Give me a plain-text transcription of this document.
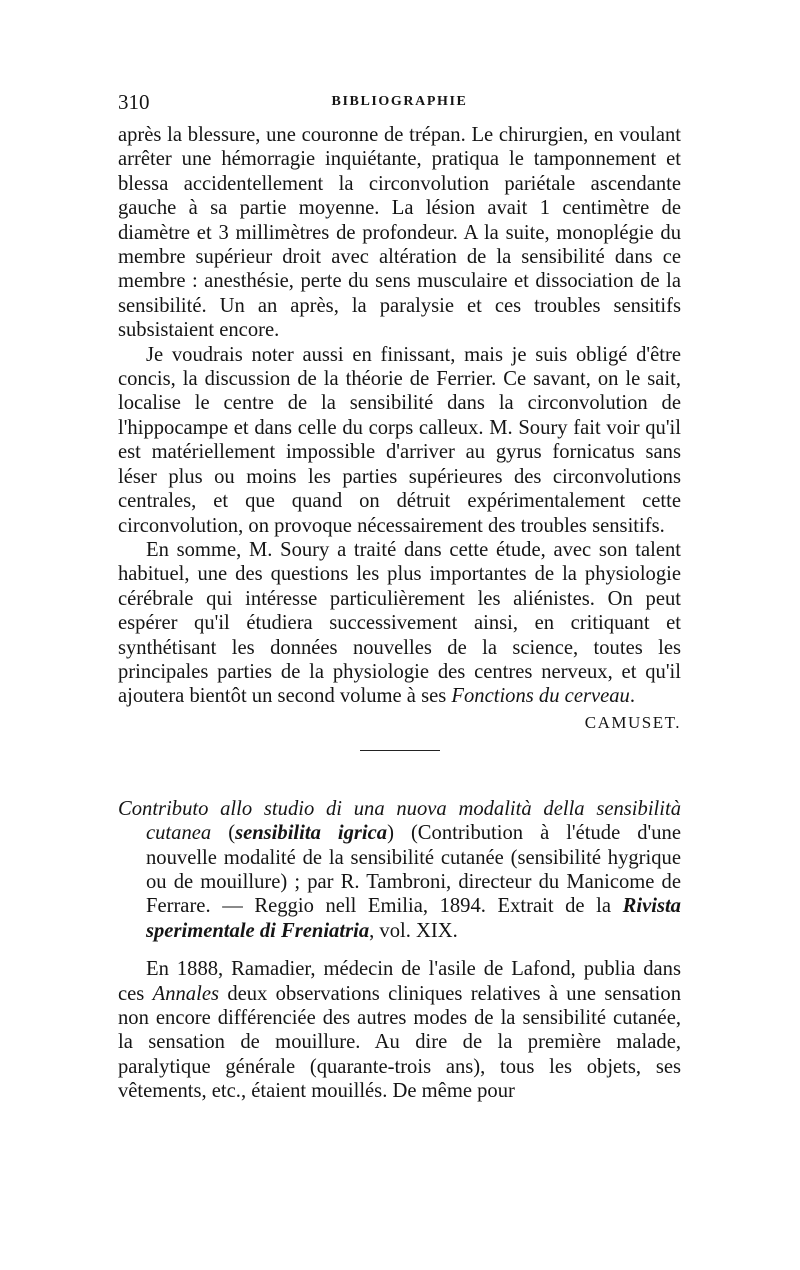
310	BIBLIOGRAPHIE

après la blessure, une couronne de trépan. Le chirurgien, en voulant arrêter une hémorragie inquiétante, pratiqua le tamponnement et blessa accidentellement la circonvolution pariétale ascendante gauche à sa partie moyenne. La lésion avait 1 centimètre de diamètre et 3 millimètres de profondeur. A la suite, monoplégie du membre supérieur droit avec altération de la sensibilité dans ce membre : anesthésie, perte du sens musculaire et dissociation de la sensibilité. Un an après, la paralysie et ces troubles sensitifs subsistaient encore.

Je voudrais noter aussi en finissant, mais je suis obligé d'être concis, la discussion de la théorie de Ferrier. Ce savant, on le sait, localise le centre de la sensibilité dans la circonvolution de l'hippocampe et dans celle du corps calleux. M. Soury fait voir qu'il est matériellement impossible d'arriver au gyrus fornicatus sans léser plus ou moins les parties supérieures des circonvolutions centrales, et que quand on détruit expérimentalement cette circonvolution, on provoque nécessairement des troubles sensitifs.

En somme, M. Soury a traité dans cette étude, avec son talent habituel, une des questions les plus importantes de la physiologie cérébrale qui intéresse particulièrement les aliénistes. On peut espérer qu'il étudiera successivement ainsi, en critiquant et synthétisant les données nouvelles de la science, toutes les principales parties de la physiologie des centres nerveux, et qu'il ajoutera bientôt un second volume à ses Fonctions du cerveau.

CAMUSET.

Contributo allo studio di una nuova modalità della sensibilità cutanea (sensibilita igrica) (Contribution à l'étude d'une nouvelle modalité de la sensibilité cutanée (sensibilité hygrique ou de mouillure) ; par R. Tambroni, directeur du Manicome de Ferrare. — Reggio nell Emilia, 1894. Extrait de la Rivista sperimentale di Freniatria, vol. XIX.

En 1888, Ramadier, médecin de l'asile de Lafond, publia dans ces Annales deux observations cliniques relatives à une sensation non encore différenciée des autres modes de la sensibilité cutanée, la sensation de mouillure. Au dire de la première malade, paralytique générale (quarante-trois ans), tous les objets, ses vêtements, etc., étaient mouillés. De même pour
